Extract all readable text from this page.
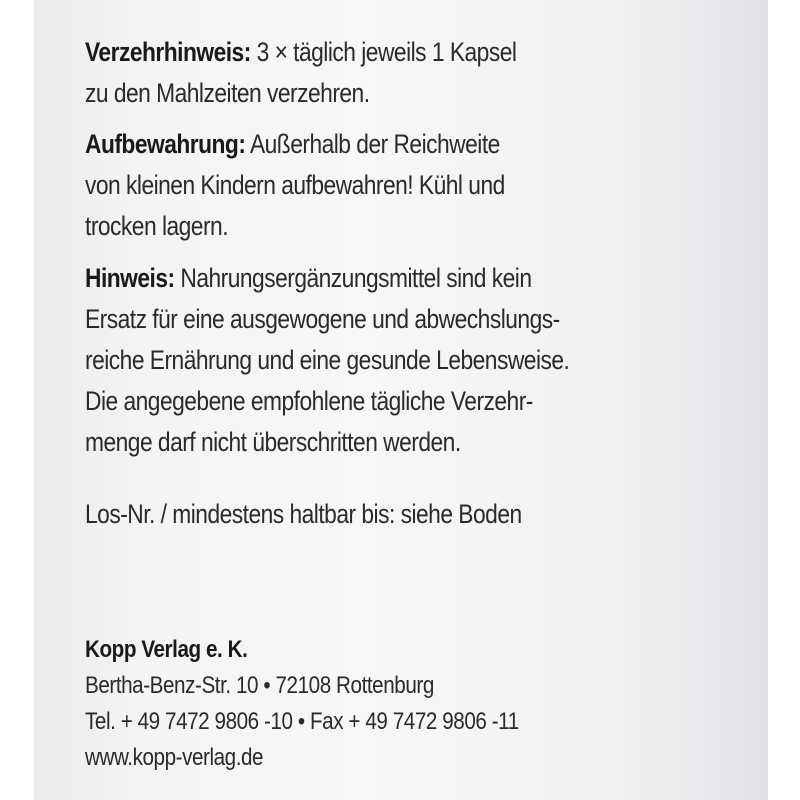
Verzehrhinweis: 3 × täglich jeweils 1 Kapsel
zu den Mahlzeiten verzehren.
Aufbewahrung: Außerhalb der Reichweite
von kleinen Kindern aufbewahren! Kühl und
trocken lagern.
Hinweis: Nahrungsergänzungsmittel sind kein
Ersatz für eine ausgewogene und abwechslungs-
reiche Ernährung und eine gesunde Lebensweise.
Die angegebene empfohlene tägliche Verzehr-
menge darf nicht überschritten werden.
Los-Nr. / mindestens haltbar bis: siehe Boden
Kopp Verlag e. K.
Bertha-Benz-Str. 10 • 72108 Rottenburg
Tel. + 49 7472 9806 -10 • Fax + 49 7472 9806 -11
www.kopp-verlag.de
